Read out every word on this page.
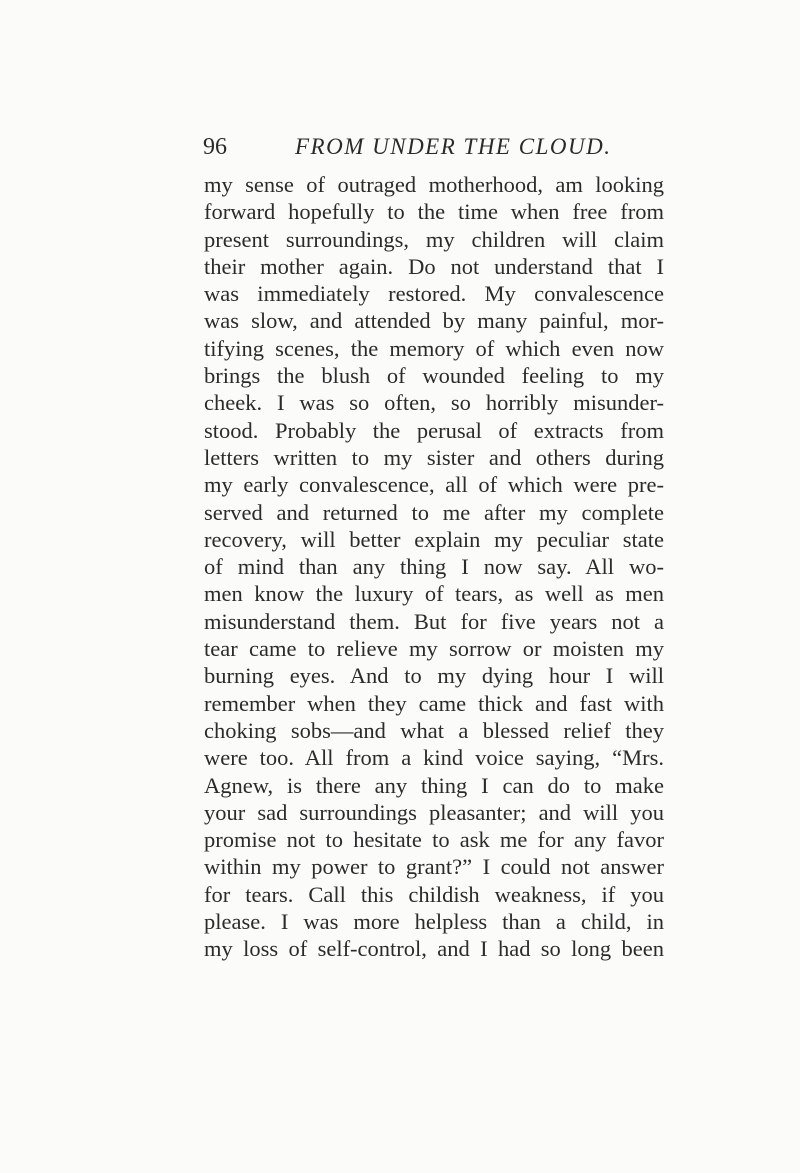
96	FROM UNDER THE CLOUD.
my sense of outraged motherhood, am looking
forward hopefully to the time when free from
present surroundings, my children will claim
their mother again. Do not understand that I
was immediately restored. My convalescence
was slow, and attended by many painful, mor-
tifying scenes, the memory of which even now
brings the blush of wounded feeling to my
cheek. I was so often, so horribly misunder-
stood. Probably the perusal of extracts from
letters written to my sister and others during
my early convalescence, all of which were pre-
served and returned to me after my complete
recovery, will better explain my peculiar state
of mind than any thing I now say. All wo-
men know the luxury of tears, as well as men
misunderstand them. But for five years not a
tear came to relieve my sorrow or moisten my
burning eyes. And to my dying hour I will
remember when they came thick and fast with
choking sobs—and what a blessed relief they
were too. All from a kind voice saying, “Mrs.
Agnew, is there any thing I can do to make
your sad surroundings pleasanter; and will you
promise not to hesitate to ask me for any favor
within my power to grant?” I could not answer
for tears. Call this childish weakness, if you
please. I was more helpless than a child, in
my loss of self-control, and I had so long been
